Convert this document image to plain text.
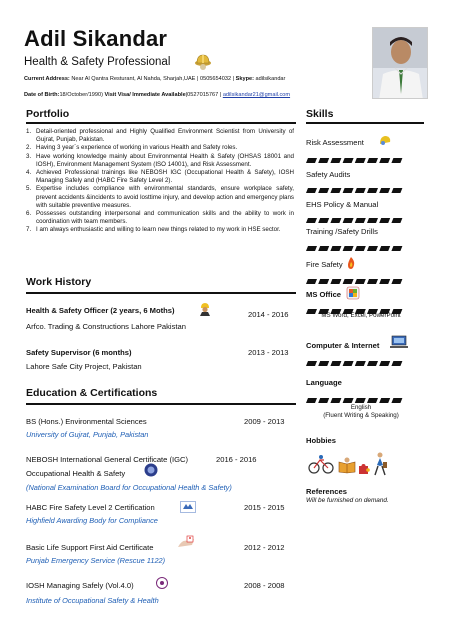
Adil Sikandar
Health & Safety Professional
Current Address: Near Al Qantra Resturant, Al Nahda, Sharjah,UAE | 0505654032 | Skype: adilsikandar
Date of Birth:18/October/1990) Visit Visa/ Immediate Available|0527015767 | adilsikandar21@gmail.com
Portfolio
1. Detail-oriented professional and Highly Qualified Environment Scientist from University of Gujrat, Punjab, Pakistan.
2. Having 3 year`s experience of working in various Health and Safety roles.
3. Have working knowledge mainly about Environmental Health & Safety (OHSAS 18001 and IOSH), Environment Management System (ISO 14001), and Risk Assessment.
4. Achieved Professional trainings like NEBOSH IGC (Occupational Health & Safety), IOSH Managing Safely and (HABC Fire Safety Level 2).
5. Expertise includes compliance with environmental standards, ensure workplace safety, prevent accidents &incidents to avoid losttime injury, and develop action and emergency plans with suitable preventive measures.
6. Possesses outstanding interpersonal and communication skills and the ability to work in coordination with team members.
7. I am always enthusiastic and willing to learn new things related to my work in HSE sector.
Work History
Health & Safety Officer (2 years, 6 Moths)	2014 - 2016
Arfco. Trading & Constructions Lahore Pakistan
Safety Supervisor (6 months)	2013 - 2013
Lahore Safe City Project, Pakistan
Education & Certifications
BS (Hons.) Environmental Sciences	2009 - 2013
University of Gujrat, Punjab, Pakistan
NEBOSH International General Certificate (IGC)	2016 - 2016
Occupational Health & Safety
(National Examination Board for Occupational Health & Safety)
HABC Fire Safety Level 2 Certification	2015 - 2015
Highfield Awarding Body for Compliance
Basic Life Support First Aid Certificate	2012 - 2012
Punjab Emergency Service (Rescue 1122)
IOSH Managing Safely (Vol.4.0)	2008 - 2008
Institute of Occupational Safety & Health
Skills
Risk Assessment
Safety Audits
EHS Policy & Manual
Training /Safety Drills
Fire Safety
MS Office
MS Word, Excel, PowerPoint
Computer & Internet
Language
English
(Fluent Writing & Speaking)
Hobbies
References
Will be furnished on demand.
